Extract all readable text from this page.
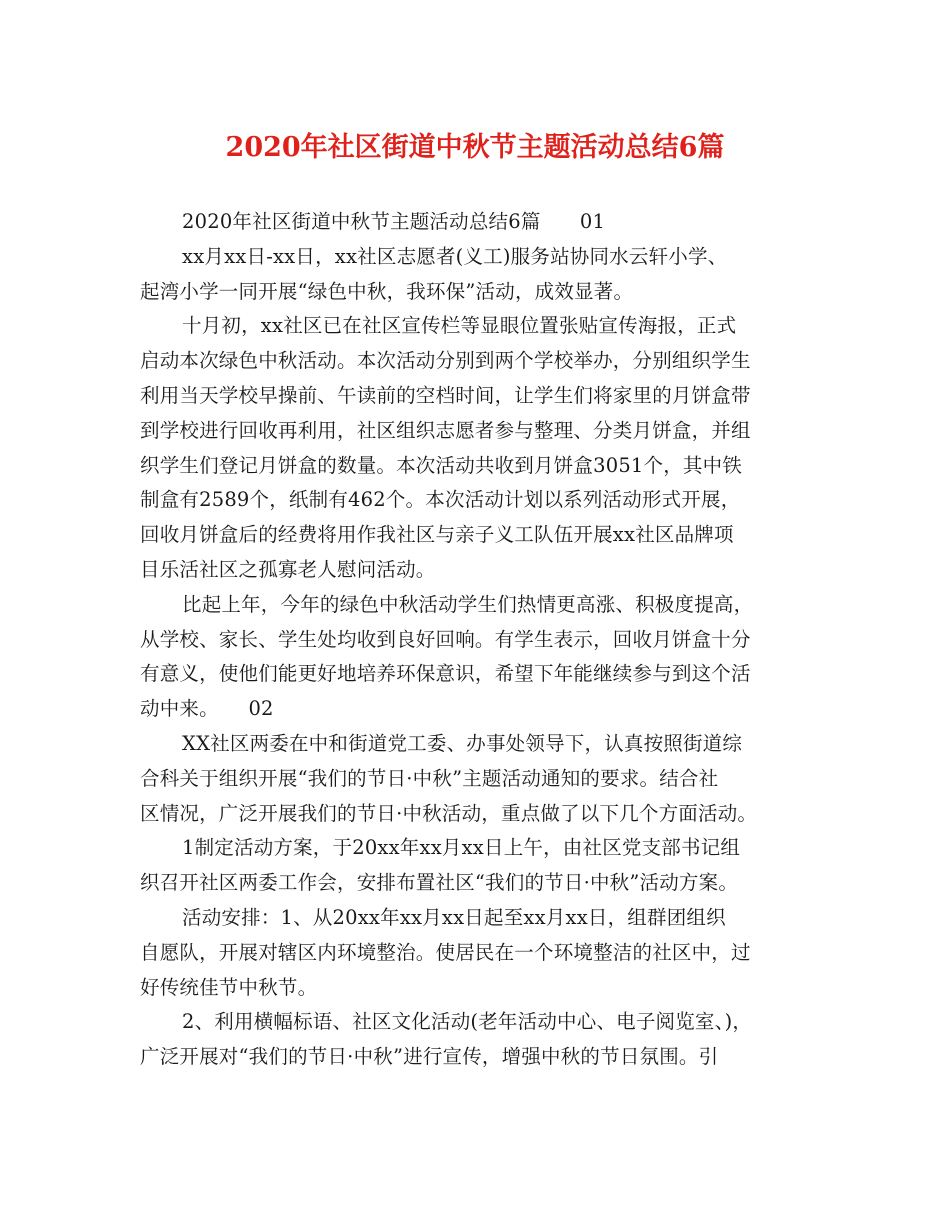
2020年社区街道中秋节主题活动总结6篇
2020年社区街道中秋节主题活动总结6篇　　01
xx月xx日-xx日，xx社区志愿者(义工)服务站协同水云轩小学、
起湾小学一同开展“绿色中秋，我环保”活动，成效显著。
十月初，xx社区已在社区宣传栏等显眼位置张贴宣传海报，正式
启动本次绿色中秋活动。本次活动分别到两个学校举办，分别组织学生
利用当天学校早操前、午读前的空档时间，让学生们将家里的月饼盒带
到学校进行回收再利用，社区组织志愿者参与整理、分类月饼盒，并组
织学生们登记月饼盒的数量。本次活动共收到月饼盒3051个，其中铁
制盒有2589个，纸制有462个。本次活动计划以系列活动形式开展，
回收月饼盒后的经费将用作我社区与亲子义工队伍开展xx社区品牌项
目乐活社区之孤寡老人慰问活动。
比起上年，今年的绿色中秋活动学生们热情更高涨、积极度提高，
从学校、家长、学生处均收到良好回响。有学生表示，回收月饼盒十分
有意义，使他们能更好地培养环保意识，希望下年能继续参与到这个活
动中来。　　02
XX社区两委在中和街道党工委、办事处领导下，认真按照街道综
合科关于组织开展“我们的节日·中秋”主题活动通知的要求。结合社
区情况，广泛开展我们的节日·中秋活动，重点做了以下几个方面活动。
1制定活动方案，于20xx年xx月xx日上午，由社区党支部书记组
织召开社区两委工作会，安排布置社区“我们的节日·中秋”活动方案。
活动安排：1、从20xx年xx月xx日起至xx月xx日，组群团组织
自愿队，开展对辖区内环境整治。使居民在一个环境整洁的社区中，过
好传统佳节中秋节。
2、利用横幅标语、社区文化活动(老年活动中心、电子阅览室、)，
广泛开展对“我们的节日·中秋”进行宣传，增强中秋的节日氛围。引
